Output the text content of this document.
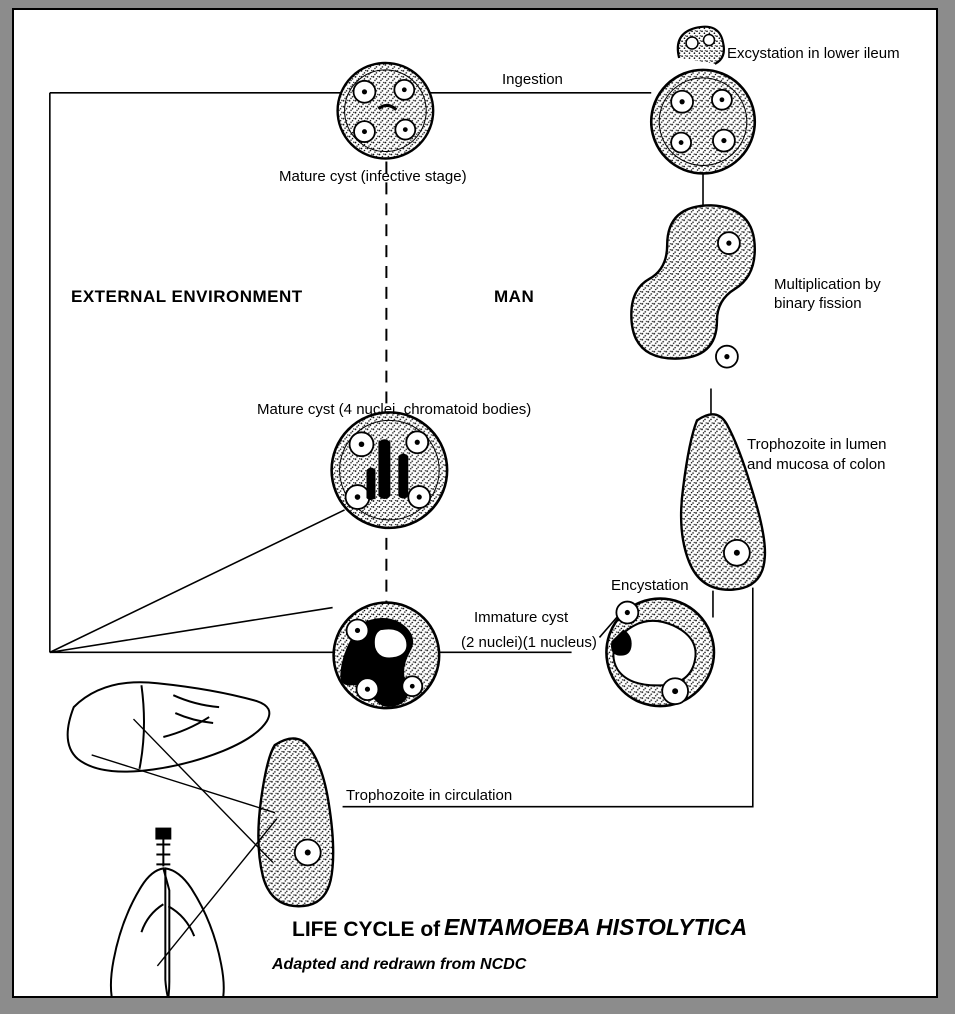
Ingestion
Excystation in lower ileum
Mature cyst (infective stage)
Multiplication by
binary fission
Trophozoite in lumen
and mucosa of colon
Mature cyst (4 nuclei, chromatoid bodies)
Encystation
Immature cyst
(2 nuclei)(1 nucleus)
Trophozoite in circulation
EXTERNAL ENVIRONMENT	MAN
LIFE CYCLE of ENTAMOEBA HISTOLYTICA
Adapted and redrawn from NCDC
